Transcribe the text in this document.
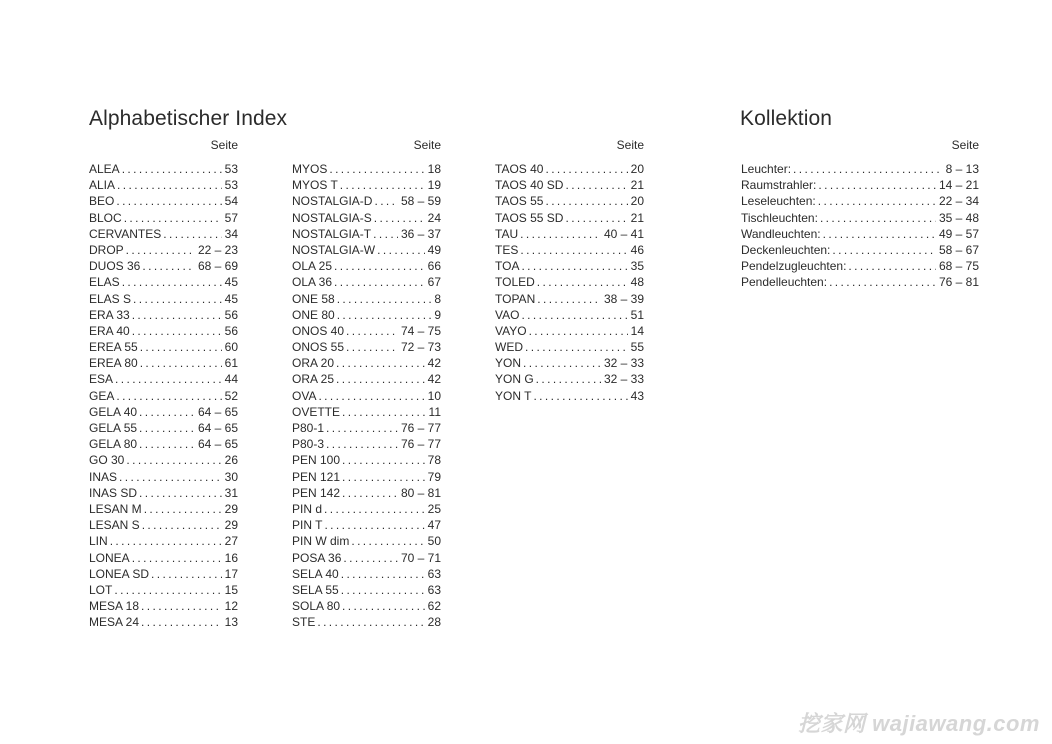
Alphabetischer Index	Kollektion
Seite
ALEA .....	53
ALIA .....	53
BEO .....	54
BLOC .....	57
CERVANTES .....	34
DROP .....	22 – 23
DUOS 36 .....	68 – 69
ELAS .....	45
ELAS S .....	45
ERA 33 .....	56
ERA 40 .....	56
EREA 55 .....	60
EREA 80 .....	61
ESA .....	44
GEA .....	52
GELA 40 .....	64 – 65
GELA 55 .....	64 – 65
GELA 80 .....	64 – 65
GO 30 .....	26
INAS .....	30
INAS SD .....	31
LESAN M .....	29
LESAN S .....	29
LIN .....	27
LONEA .....	16
LONEA SD .....	17
LOT .....	15
MESA 18 .....	12
MESA 24 .....	13
Seite
MYOS .....	18
MYOS T .....	19
NOSTALGIA-D ..... 58 – 59
NOSTALGIA-S .....	24
NOSTALGIA-T ..... 36 – 37
NOSTALGIA-W .....	49
OLA 25 .....	66
OLA 36 .....	67
ONE 58 .....	8
ONE 80 .....	9
ONOS 40 .....	74 – 75
ONOS 55 .....	72 – 73
ORA 20 .....	42
ORA 25 .....	42
OVA .....	10
OVETTE .....	11
P80-1 .....	76 – 77
P80-3 .....	76 – 77
PEN 100 .....	78
PEN 121 .....	79
PEN 142 .....	80 – 81
PIN d .....	25
PIN T .....	47
PIN W dim .....	50
POSA 36 .....	70 – 71
SELA 40 .....	63
SELA 55 .....	63
SOLA 80 .....	62
STE .....	28
Seite
TAOS 40 .....	20
TAOS 40 SD .....	21
TAOS 55 .....	20
TAOS 55 SD .....	21
TAU .....	40 – 41
TES .....	46
TOA .....	35
TOLED .....	48
TOPAN .....	38 – 39
VAO .....	51
VAYO .....	14
WED .....	55
YON .....	32 – 33
YON G .....	32 – 33
YON T .....	43
Seite
Leuchter: .....	8 – 13
Raumstrahler: .....	14 – 21
Leseleuchten: .....	22 – 34
Tischleuchten: .....	35 – 48
Wandleuchten: .....	49 – 57
Deckenleuchten: .....	58 – 67
Pendelzugleuchten: .....	68 – 75
Pendelleuchten: .....	76 – 81
挖家网 wajiawang.com
